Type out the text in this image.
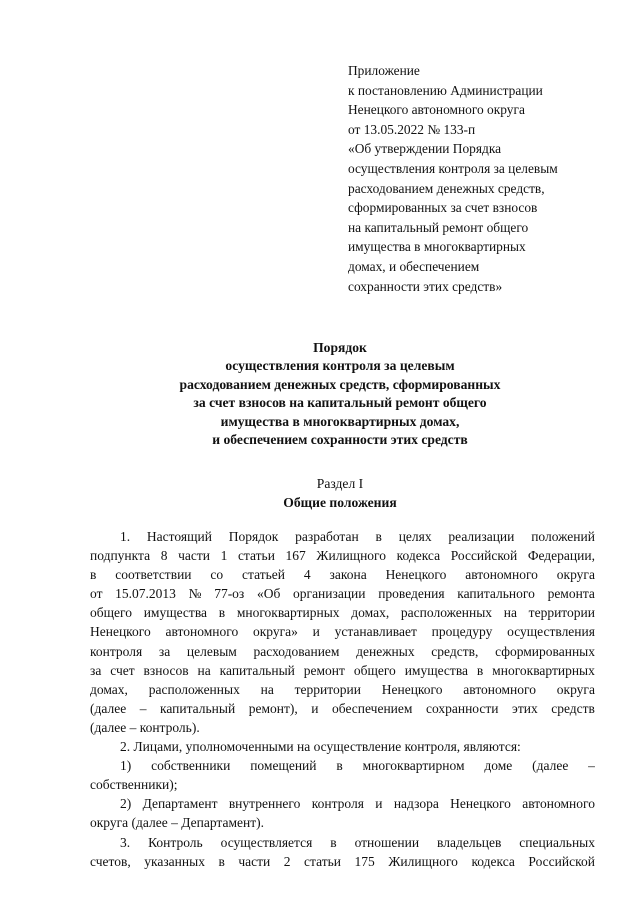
Приложение
к постановлению Администрации
Ненецкого автономного округа
от 13.05.2022 № 133-п
«Об утверждении Порядка
осуществления контроля за целевым
расходованием денежных средств,
сформированных за счет взносов
на капитальный ремонт общего
имущества в многоквартирных
домах, и обеспечением
сохранности этих средств»
Порядок
осуществления контроля за целевым
расходованием денежных средств, сформированных
за счет взносов на капитальный ремонт общего
имущества в многоквартирных домах,
и обеспечением сохранности этих средств
Раздел I
Общие положения
1. Настоящий Порядок разработан в целях реализации положений
подпункта 8 части 1 статьи 167 Жилищного кодекса Российской Федерации,
в соответствии со статьей 4 закона Ненецкого автономного округа
от 15.07.2013 № 77-оз «Об организации проведения капитального ремонта
общего имущества в многоквартирных домах, расположенных на территории
Ненецкого автономного округа» и устанавливает процедуру осуществления
контроля за целевым расходованием денежных средств, сформированных
за счет взносов на капитальный ремонт общего имущества в многоквартирных
домах, расположенных на территории Ненецкого автономного округа
(далее – капитальный ремонт), и обеспечением сохранности этих средств
(далее – контроль).
2. Лицами, уполномоченными на осуществление контроля, являются:
1) собственники помещений в многоквартирном доме (далее –
собственники);
2) Департамент внутреннего контроля и надзора Ненецкого автономного
округа (далее – Департамент).
3. Контроль осуществляется в отношении владельцев специальных
счетов, указанных в части 2 статьи 175 Жилищного кодекса Российской
